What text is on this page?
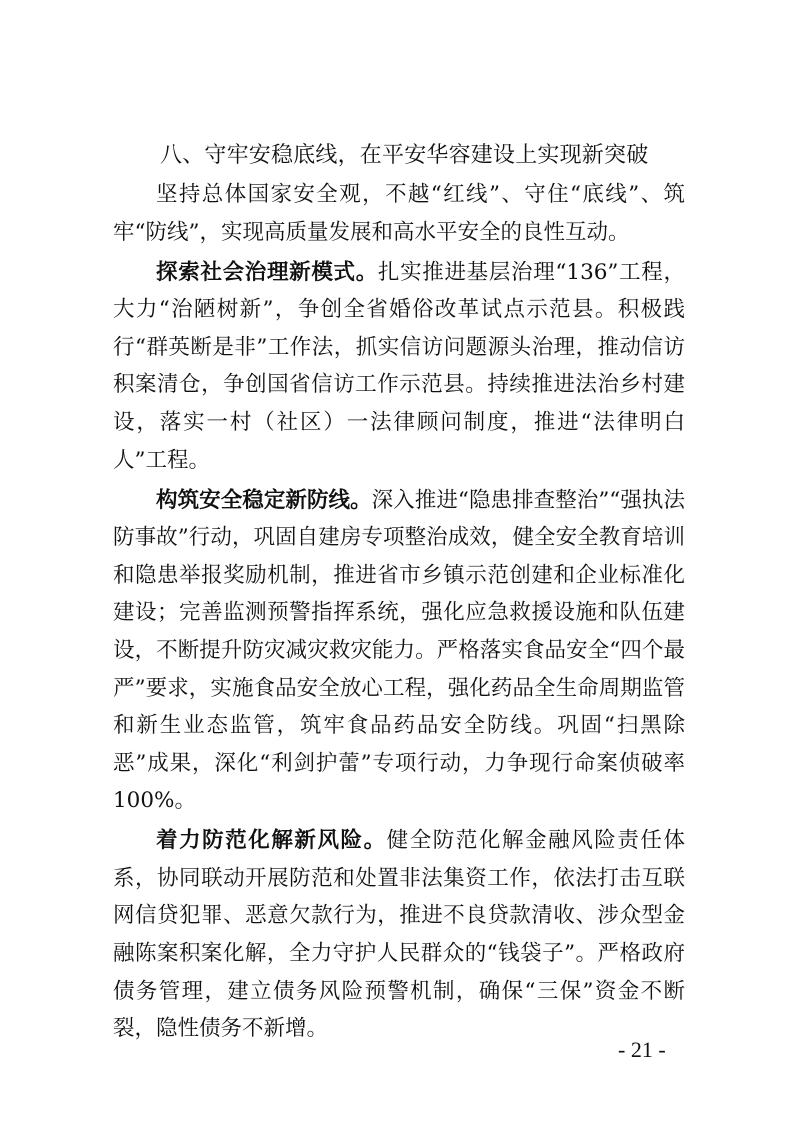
八、守牢安稳底线，在平安华容建设上实现新突破

坚持总体国家安全观，不越“红线”、守住“底线”、筑牢“防线”，实现高质量发展和高水平安全的良性互动。

探索社会治理新模式。扎实推进基层治理“136”工程，大力“治陋树新”，争创全省婚俗改革试点示范县。积极践行“群英断是非”工作法，抓实信访问题源头治理，推动信访积案清仓，争创国省信访工作示范县。持续推进法治乡村建设，落实一村（社区）一法律顾问制度，推进“法律明白人”工程。

构筑安全稳定新防线。深入推进“隐患排查整治”“强执法防事故”行动，巩固自建房专项整治成效，健全安全教育培训和隐患举报奖励机制，推进省市乡镇示范创建和企业标准化建设；完善监测预警指挥系统，强化应急救援设施和队伍建设，不断提升防灾减灾救灾能力。严格落实食品安全“四个最严”要求，实施食品安全放心工程，强化药品全生命周期监管和新生业态监管，筑牢食品药品安全防线。巩固“扫黑除恶”成果，深化“利剑护蕾”专项行动，力争现行命案侦破率100%。

着力防范化解新风险。健全防范化解金融风险责任体系，协同联动开展防范和处置非法集资工作，依法打击互联网信贷犯罪、恶意欠款行为，推进不良贷款清收、涉众型金融陈案积案化解，全力守护人民群众的“钱袋子”。严格政府债务管理，建立债务风险预警机制，确保“三保”资金不断裂，隐性债务不新增。

- 21 -
